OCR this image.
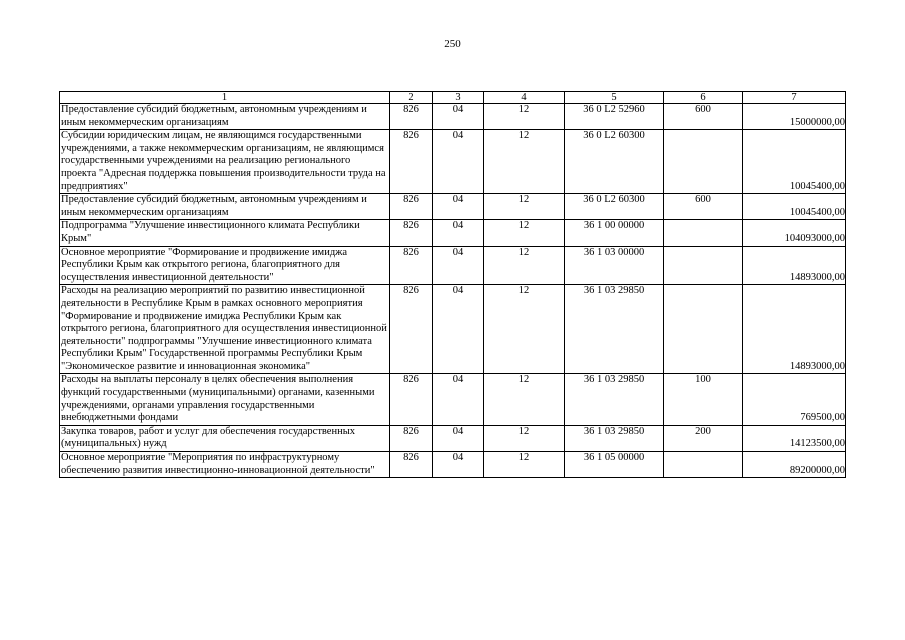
250
1	2	3	4	5	6	7
Предоставление субсидий бюджетным, автономным учреждениям и иным некоммерческим организациям	826	04	12	36 0 L2 52960	600	15000000,00
Субсидии юридическим лицам, не являющимся государственными учреждениями, а также некоммерческим организациям, не являющимся государственными учреждениями на реализацию регионального проекта "Адресная поддержка повышения производительности труда на предприятиях"	826	04	12	36 0 L2 60300		10045400,00
Предоставление субсидий бюджетным, автономным учреждениям и иным некоммерческим организациям	826	04	12	36 0 L2 60300	600	10045400,00
Подпрограмма "Улучшение инвестиционного климата Республики Крым"	826	04	12	36 1 00 00000		104093000,00
Основное мероприятие "Формирование и продвижение имиджа Республики Крым как открытого региона, благоприятного для осуществления инвестиционной деятельности"	826	04	12	36 1 03 00000		14893000,00
Расходы на реализацию мероприятий по развитию инвестиционной деятельности в Республике Крым в рамках основного мероприятия "Формирование и продвижение имиджа Республики Крым как открытого региона, благоприятного для осуществления инвестиционной деятельности" подпрограммы "Улучшение инвестиционного климата Республики Крым" Государственной программы Республики Крым "Экономическое развитие и инновационная экономика"	826	04	12	36 1 03 29850		14893000,00
Расходы на выплаты персоналу в целях обеспечения выполнения функций государственными (муниципальными) органами, казенными учреждениями, органами управления государственными внебюджетными фондами	826	04	12	36 1 03 29850	100	769500,00
Закупка товаров, работ и услуг для обеспечения государственных (муниципальных) нужд	826	04	12	36 1 03 29850	200	14123500,00
Основное мероприятие "Мероприятия по инфраструктурному обеспечению развития инвестиционно-инновационной деятельности"	826	04	12	36 1 05 00000		89200000,00
